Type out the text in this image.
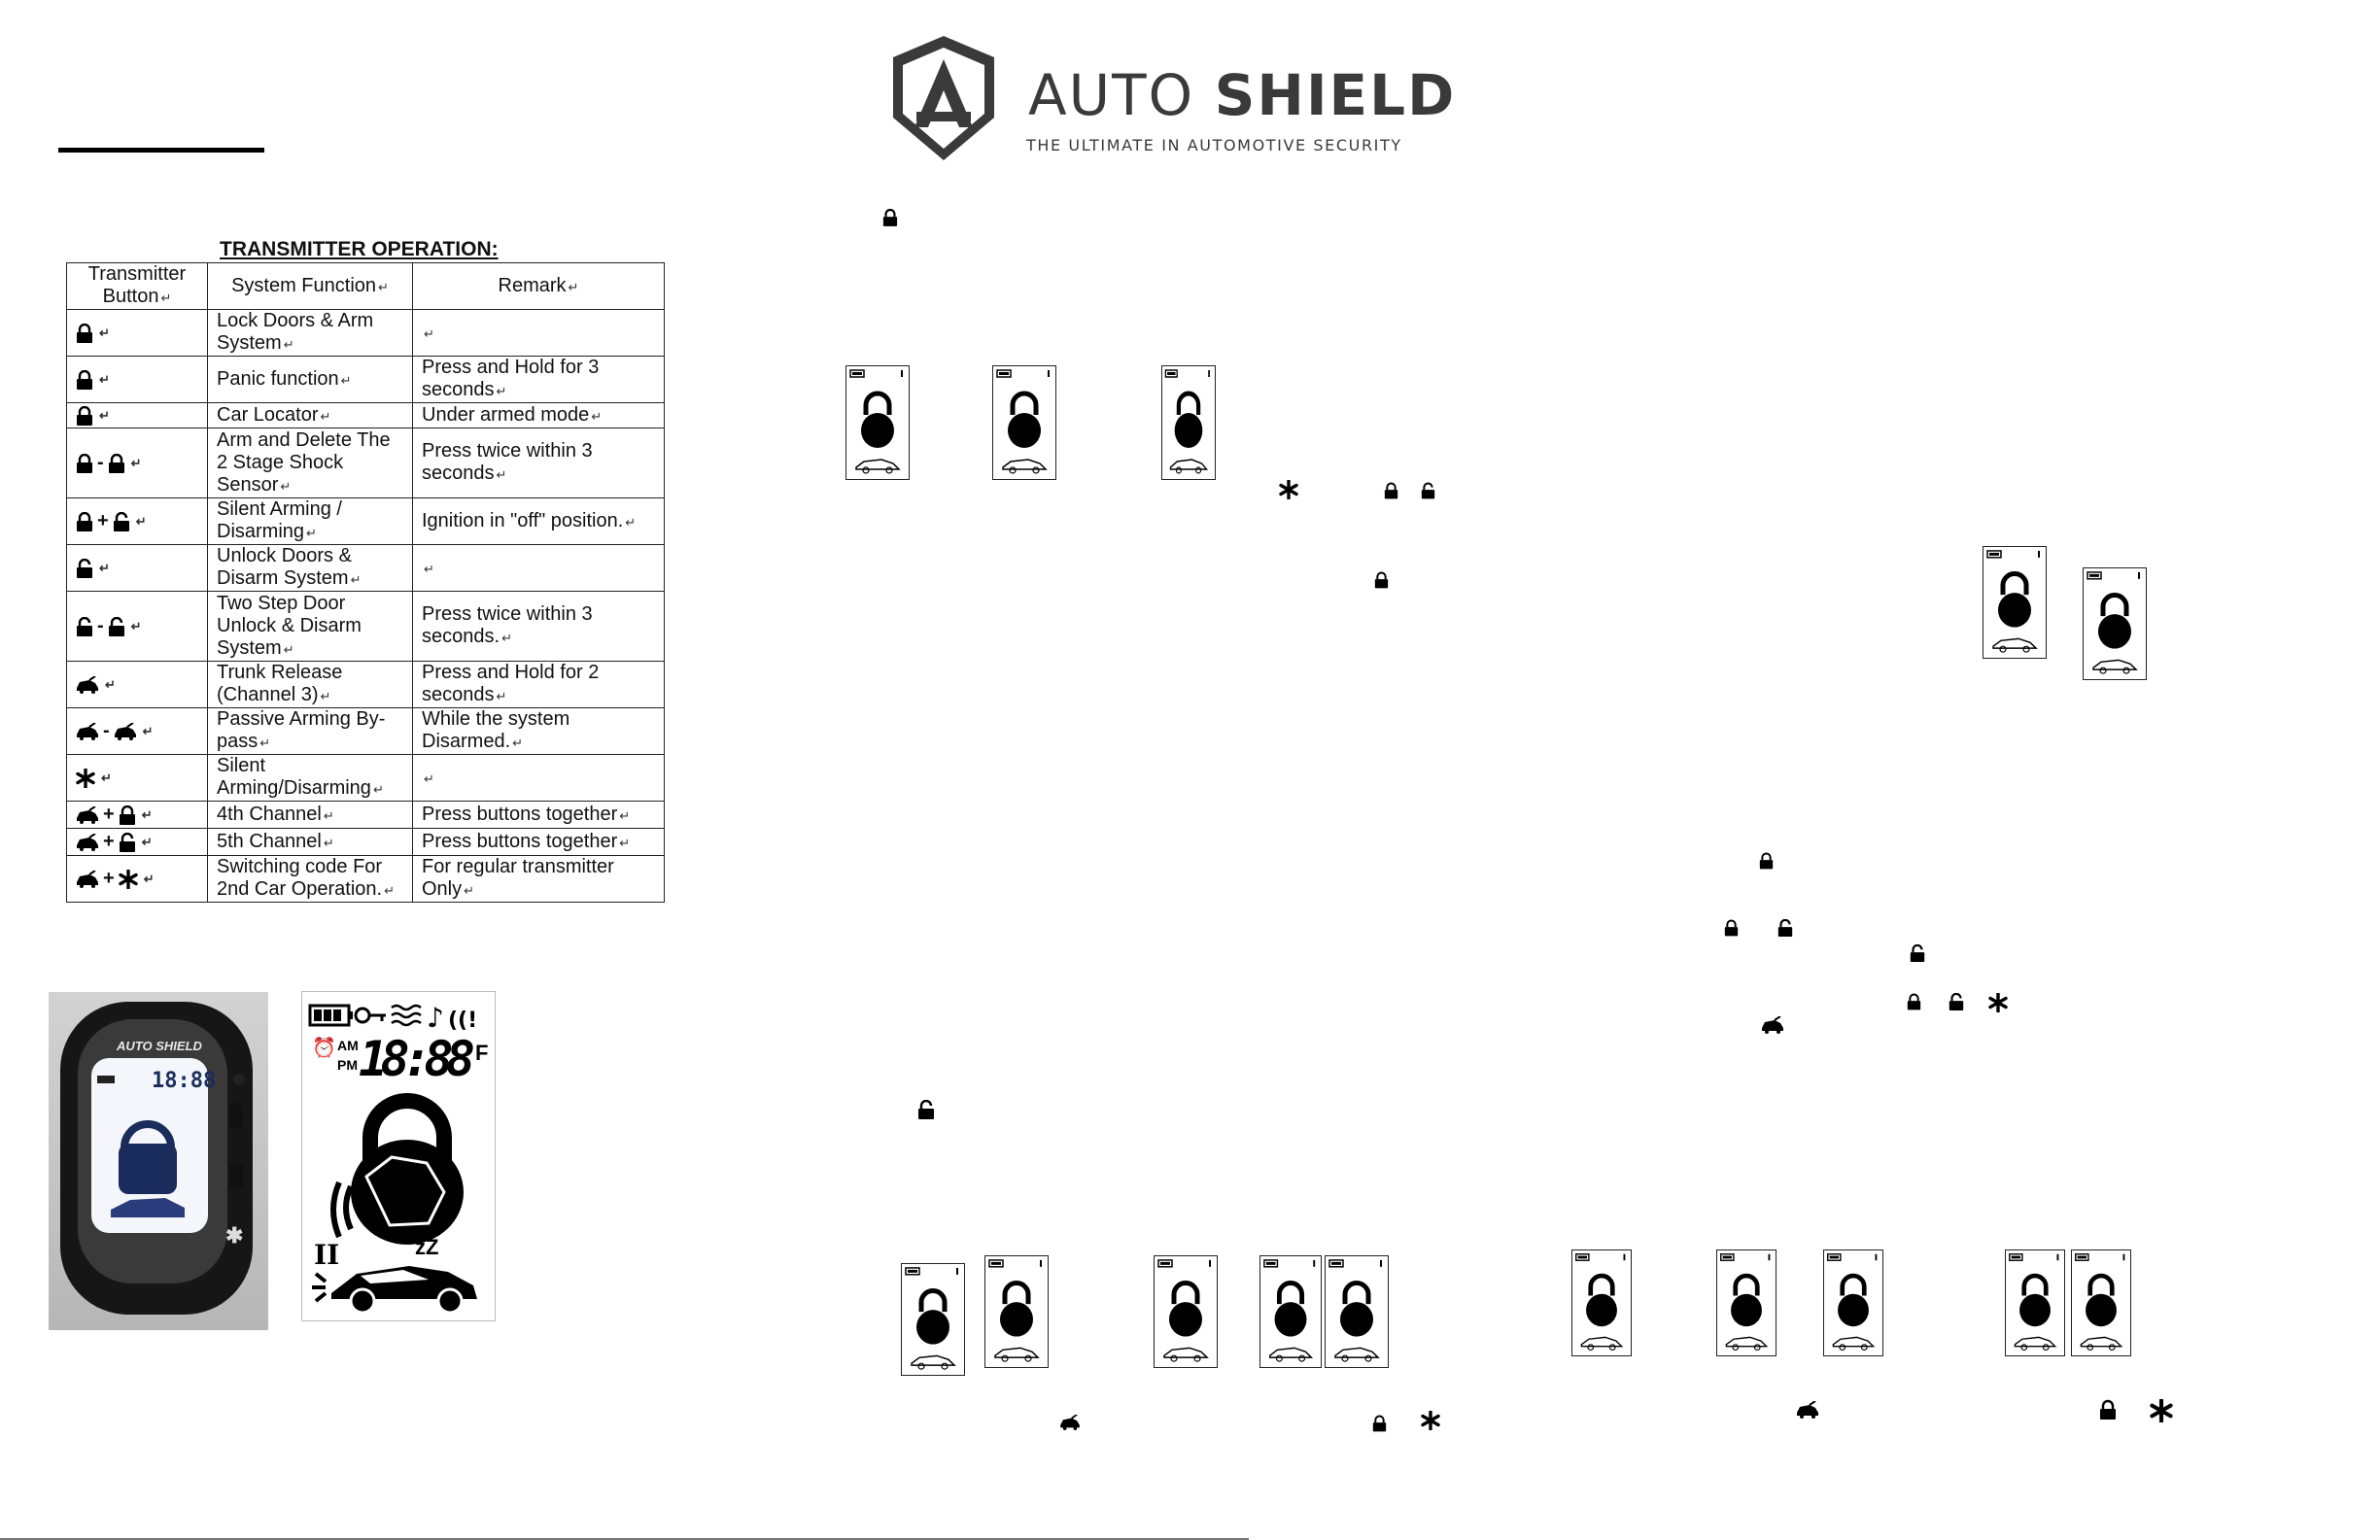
AUTO SHIELD
THE ULTIMATE IN AUTOMOTIVE SECURITY
TRANSMITTER OPERATION:
Transmitter
Button ↵	System Function ↵	Remark ↵

↵	Lock Doors & Arm System ↵	↵

↵	Panic function ↵	Press and Hold for 3 seconds ↵

↵	Car Locator ↵	Under armed mode ↵

- ↵	Arm and Delete The 2 Stage Shock Sensor ↵	Press twice within 3 seconds ↵

+ ↵	Silent Arming / Disarming ↵	Ignition in "off" position. ↵

↵	Unlock Doors & Disarm System ↵	↵

- ↵	Two Step Door Unlock & Disarm System ↵	Press twice within 3 seconds. ↵

↵	Trunk Release (Channel 3) ↵	Press and Hold for 2 seconds ↵

- ↵	Passive Arming By-pass ↵	While the system Disarmed. ↵

↵	Silent Arming/Disarming ↵	↵

+ ↵	4th Channel ↵	Press buttons together ↵

+ ↵	5th Channel ↵	Press buttons together ↵

+ ↵	Switching code For 2nd Car Operation. ↵	For regular transmitter Only ↵
AUTO SHIELD
18:88
✱
♪ ((!
⏰ AM
PM 18:88 F
II	zZ
